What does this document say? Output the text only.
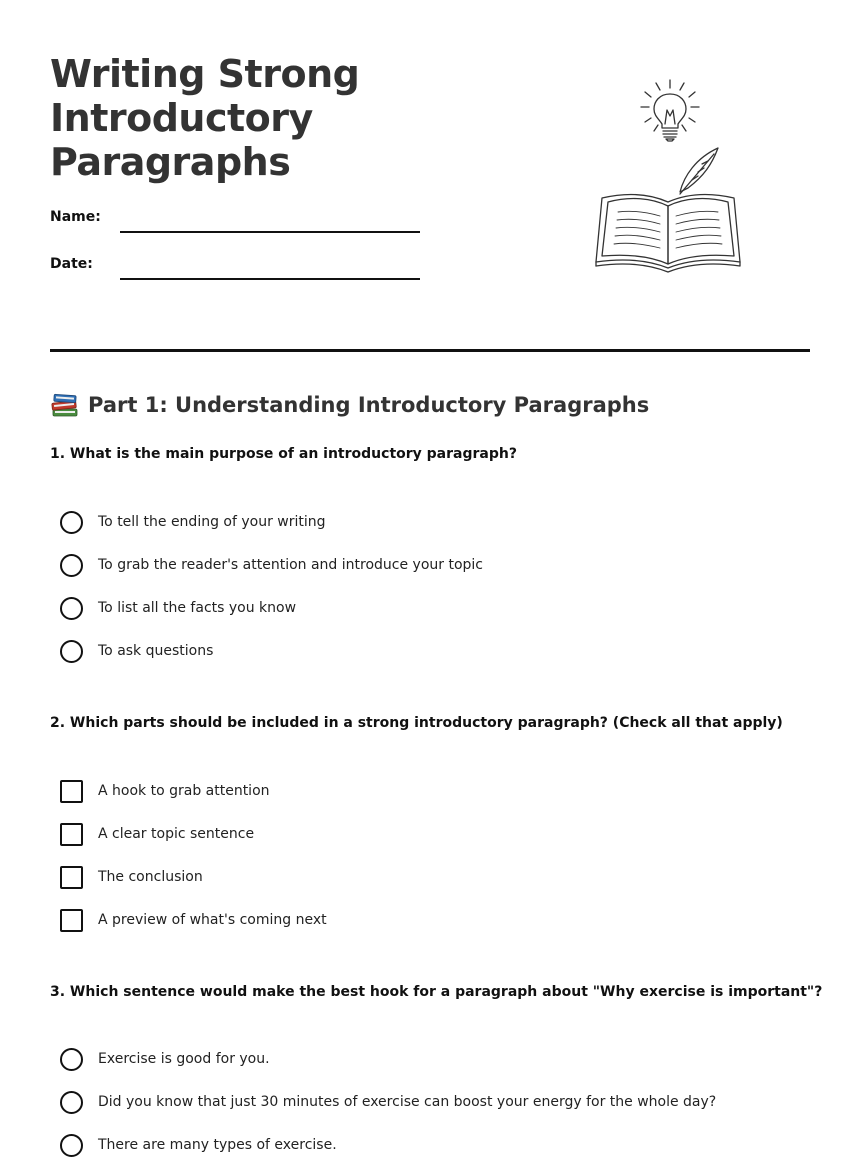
Writing Strong Introductory Paragraphs
Name:
Date:
Part 1: Understanding Introductory Paragraphs
1. What is the main purpose of an introductory paragraph?
To tell the ending of your writing
To grab the reader's attention and introduce your topic
To list all the facts you know
To ask questions
2. Which parts should be included in a strong introductory paragraph? (Check all that apply)
A hook to grab attention
A clear topic sentence
The conclusion
A preview of what's coming next
3. Which sentence would make the best hook for a paragraph about "Why exercise is important"?
Exercise is good for you.
Did you know that just 30 minutes of exercise can boost your energy for the whole day?
There are many types of exercise.
